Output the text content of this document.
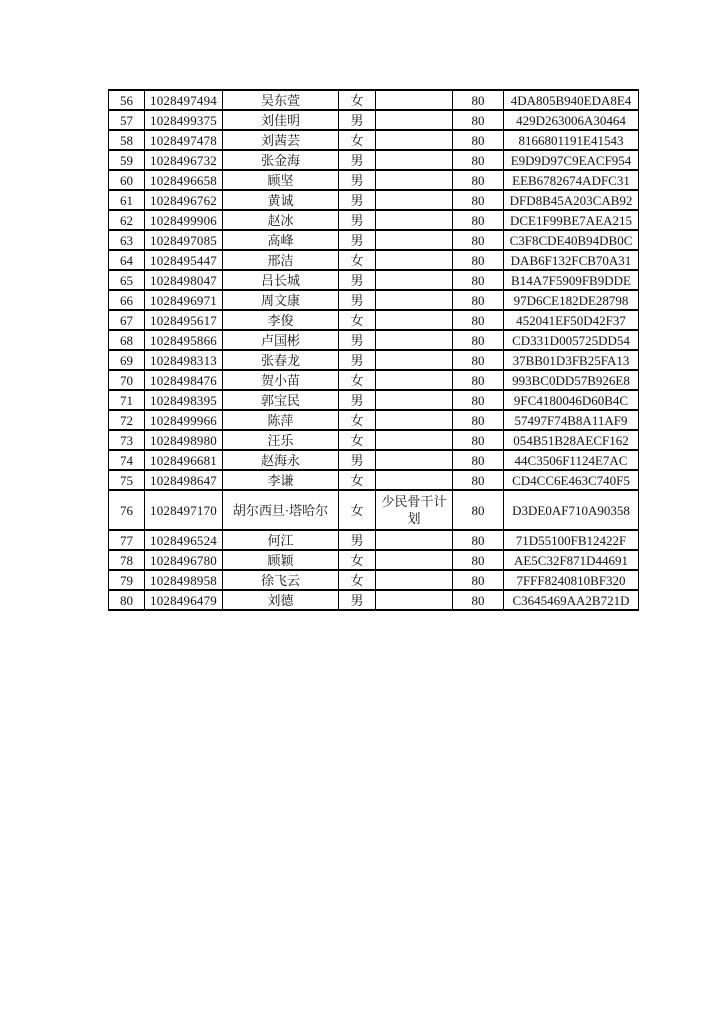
56	1028497494	吴东萱	女		80	4DA805B940EDA8E4
57	1028499375	刘佳明	男		80	429D263006A30464
58	1028497478	刘茜芸	女		80	8166801191E41543
59	1028496732	张金海	男		80	E9D9D97C9EACF954
60	1028496658	顾坚	男		80	EEB6782674ADFC31
61	1028496762	黄诚	男		80	DFD8B45A203CAB92
62	1028499906	赵冰	男		80	DCE1F99BE7AEA215
63	1028497085	高峰	男		80	C3F8CDE40B94DB0C
64	1028495447	邢洁	女		80	DAB6F132FCB70A31
65	1028498047	吕长城	男		80	B14A7F5909FB9DDE
66	1028496971	周文康	男		80	97D6CE182DE28798
67	1028495617	李俊	女		80	452041EF50D42F37
68	1028495866	卢国彬	男		80	CD331D005725DD54
69	1028498313	张春龙	男		80	37BB01D3FB25FA13
70	1028498476	贺小苗	女		80	993BC0DD57B926E8
71	1028498395	郭宝民	男		80	9FC4180046D60B4C
72	1028499966	陈萍	女		80	57497F74B8A11AF9
73	1028498980	汪乐	女		80	054B51B28AECF162
74	1028496681	赵海永	男		80	44C3506F1124E7AC
75	1028498647	李谦	女		80	CD4CC6E463C740F5
76	1028497170	胡尔西旦·塔哈尔	女	少民骨干计划	80	D3DE0AF710A90358
77	1028496524	何江	男		80	71D55100FB12422F
78	1028496780	顾颖	女		80	AE5C32F871D44691
79	1028498958	徐飞云	女		80	7FFF8240810BF320
80	1028496479	刘德	男		80	C3645469AA2B721D
